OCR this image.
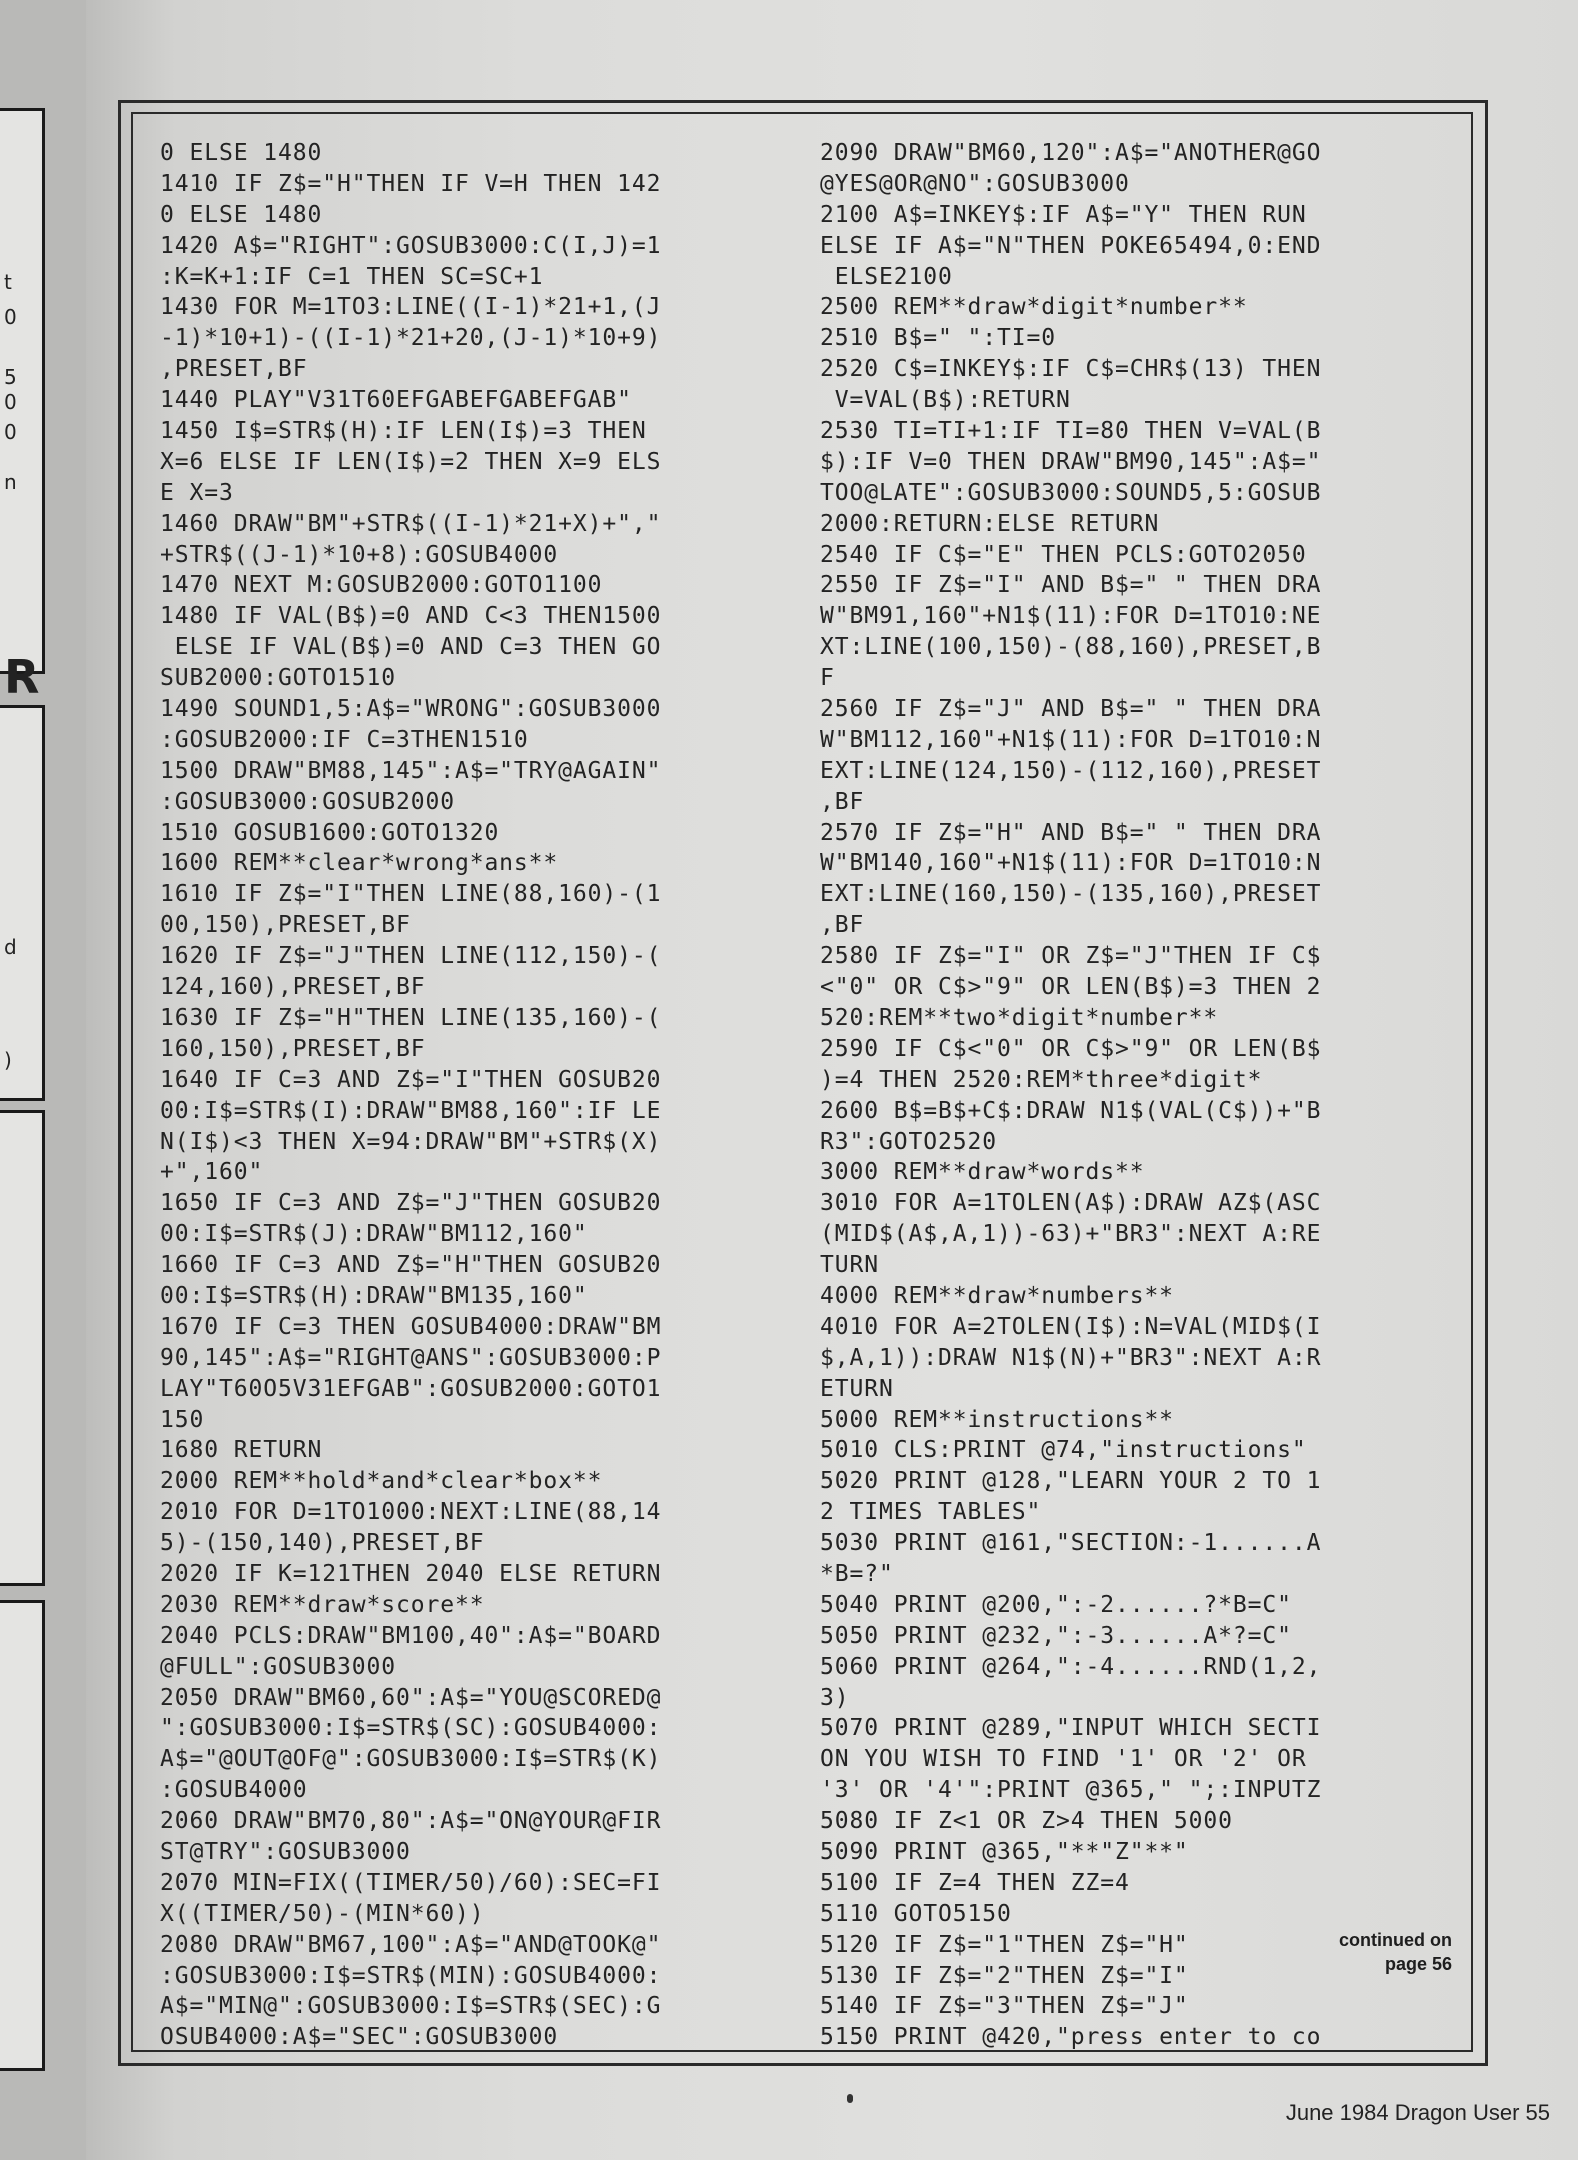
t
0
5
0
0
n
R
d
)
0 ELSE 1480
1410 IF Z$="H"THEN IF V=H THEN 142
0 ELSE 1480
1420 A$="RIGHT":GOSUB3000:C(I,J)=1
:K=K+1:IF C=1 THEN SC=SC+1
1430 FOR M=1TO3:LINE((I-1)*21+1,(J
-1)*10+1)-((I-1)*21+20,(J-1)*10+9)
,PRESET,BF
1440 PLAY"V31T60EFGABEFGABEFGAB"
1450 I$=STR$(H):IF LEN(I$)=3 THEN
X=6 ELSE IF LEN(I$)=2 THEN X=9 ELS
E X=3
1460 DRAW"BM"+STR$((I-1)*21+X)+","
+STR$((J-1)*10+8):GOSUB4000
1470 NEXT M:GOSUB2000:GOTO1100
1480 IF VAL(B$)=0 AND C<3 THEN1500
ELSE IF VAL(B$)=0 AND C=3 THEN GO
SUB2000:GOTO1510
1490 SOUND1,5:A$="WRONG":GOSUB3000
:GOSUB2000:IF C=3THEN1510
1500 DRAW"BM88,145":A$="TRY@AGAIN"
:GOSUB3000:GOSUB2000
1510 GOSUB1600:GOTO1320
1600 REM**clear*wrong*ans**
1610 IF Z$="I"THEN LINE(88,160)-(1
00,150),PRESET,BF
1620 IF Z$="J"THEN LINE(112,150)-(
124,160),PRESET,BF
1630 IF Z$="H"THEN LINE(135,160)-(
160,150),PRESET,BF
1640 IF C=3 AND Z$="I"THEN GOSUB20
00:I$=STR$(I):DRAW"BM88,160":IF LE
N(I$)<3 THEN X=94:DRAW"BM"+STR$(X)
+",160"
1650 IF C=3 AND Z$="J"THEN GOSUB20
00:I$=STR$(J):DRAW"BM112,160"
1660 IF C=3 AND Z$="H"THEN GOSUB20
00:I$=STR$(H):DRAW"BM135,160"
1670 IF C=3 THEN GOSUB4000:DRAW"BM
90,145":A$="RIGHT@ANS":GOSUB3000:P
LAY"T60O5V31EFGAB":GOSUB2000:GOTO1
150
1680 RETURN
2000 REM**hold*and*clear*box**
2010 FOR D=1TO1000:NEXT:LINE(88,14
5)-(150,140),PRESET,BF
2020 IF K=121THEN 2040 ELSE RETURN
2030 REM**draw*score**
2040 PCLS:DRAW"BM100,40":A$="BOARD
@FULL":GOSUB3000
2050 DRAW"BM60,60":A$="YOU@SCORED@
":GOSUB3000:I$=STR$(SC):GOSUB4000:
A$="@OUT@OF@":GOSUB3000:I$=STR$(K)
:GOSUB4000
2060 DRAW"BM70,80":A$="ON@YOUR@FIR
ST@TRY":GOSUB3000
2070 MIN=FIX((TIMER/50)/60):SEC=FI
X((TIMER/50)-(MIN*60))
2080 DRAW"BM67,100":A$="AND@TOOK@"
:GOSUB3000:I$=STR$(MIN):GOSUB4000:
A$="MIN@":GOSUB3000:I$=STR$(SEC):G
OSUB4000:A$="SEC":GOSUB3000
2090 DRAW"BM60,120":A$="ANOTHER@GO
@YES@OR@NO":GOSUB3000
2100 A$=INKEY$:IF A$="Y" THEN RUN
ELSE IF A$="N"THEN POKE65494,0:END
ELSE2100
2500 REM**draw*digit*number**
2510 B$=" ":TI=0
2520 C$=INKEY$:IF C$=CHR$(13) THEN
V=VAL(B$):RETURN
2530 TI=TI+1:IF TI=80 THEN V=VAL(B
$):IF V=0 THEN DRAW"BM90,145":A$="
TOO@LATE":GOSUB3000:SOUND5,5:GOSUB
2000:RETURN:ELSE RETURN
2540 IF C$="E" THEN PCLS:GOTO2050
2550 IF Z$="I" AND B$=" " THEN DRA
W"BM91,160"+N1$(11):FOR D=1TO10:NE
XT:LINE(100,150)-(88,160),PRESET,B
F
2560 IF Z$="J" AND B$=" " THEN DRA
W"BM112,160"+N1$(11):FOR D=1TO10:N
EXT:LINE(124,150)-(112,160),PRESET
,BF
2570 IF Z$="H" AND B$=" " THEN DRA
W"BM140,160"+N1$(11):FOR D=1TO10:N
EXT:LINE(160,150)-(135,160),PRESET
,BF
2580 IF Z$="I" OR Z$="J"THEN IF C$
<"0" OR C$>"9" OR LEN(B$)=3 THEN 2
520:REM**two*digit*number**
2590 IF C$<"0" OR C$>"9" OR LEN(B$
)=4 THEN 2520:REM*three*digit*
2600 B$=B$+C$:DRAW N1$(VAL(C$))+"B
R3":GOTO2520
3000 REM**draw*words**
3010 FOR A=1TOLEN(A$):DRAW AZ$(ASC
(MID$(A$,A,1))-63)+"BR3":NEXT A:RE
TURN
4000 REM**draw*numbers**
4010 FOR A=2TOLEN(I$):N=VAL(MID$(I
$,A,1)):DRAW N1$(N)+"BR3":NEXT A:R
ETURN
5000 REM**instructions**
5010 CLS:PRINT @74,"instructions"
5020 PRINT @128,"LEARN YOUR 2 TO 1
2 TIMES TABLES"
5030 PRINT @161,"SECTION:-1......A
*B=?"
5040 PRINT @200,":-2......?*B=C"
5050 PRINT @232,":-3......A*?=C"
5060 PRINT @264,":-4......RND(1,2,
3)
5070 PRINT @289,"INPUT WHICH SECTI
ON YOU WISH TO FIND '1' OR '2' OR
'3' OR '4'":PRINT @365," ";:INPUTZ
5080 IF Z<1 OR Z>4 THEN 5000
5090 PRINT @365,"**"Z"**"
5100 IF Z=4 THEN ZZ=4
5110 GOTO5150
5120 IF Z$="1"THEN Z$="H"
5130 IF Z$="2"THEN Z$="I"
5140 IF Z$="3"THEN Z$="J"
5150 PRINT @420,"press enter to co
continued on
page 56
June 1984 Dragon User 55
